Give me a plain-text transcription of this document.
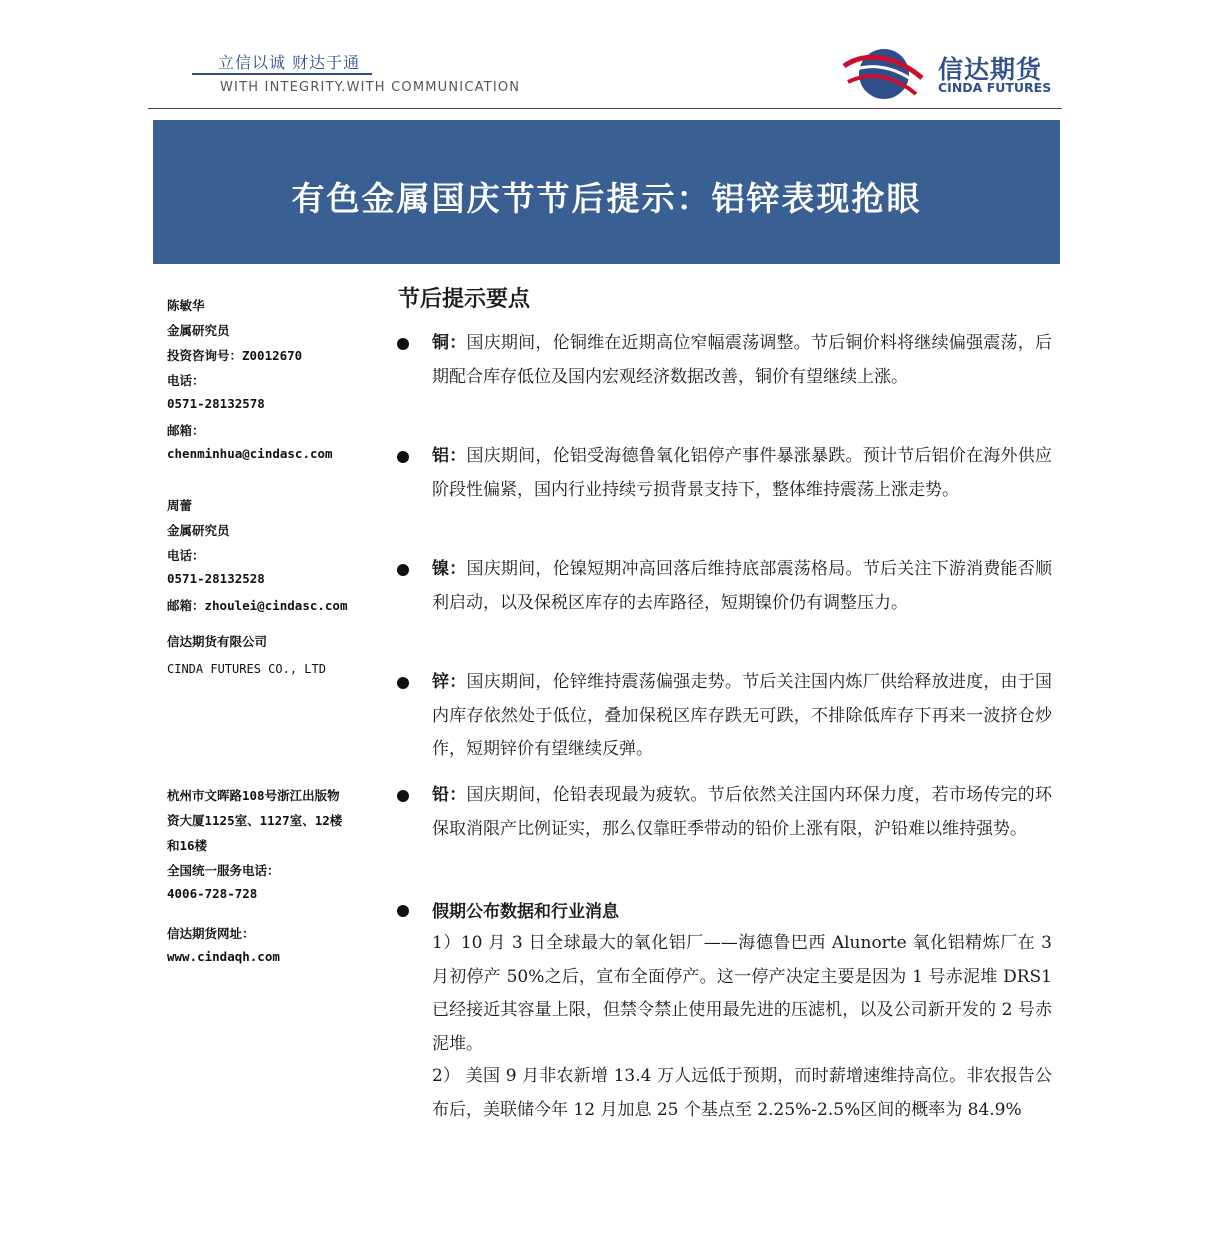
立信以诚 财达于通
WITH INTEGRITY.WITH COMMUNICATION
信达期货
CINDA FUTURES
有色金属国庆节节后提示：铝锌表现抢眼
陈敏华
金属研究员
投资咨询号：Z0012670
电话：
0571-28132578
邮箱：
chenminhua@cindasc.com
周蕾
金属研究员
电话：
0571-28132528
邮箱：zhoulei@cindasc.com
信达期货有限公司
CINDA FUTURES CO., LTD
杭州市文晖路108号浙江出版物
资大厦1125室、1127室、12楼
和16楼
全国统一服务电话：
4006-728-728
信达期货网址：
www.cindaqh.com
节后提示要点
铜：国庆期间，伦铜维在近期高位窄幅震荡调整。节后铜价料将继续偏强震荡，后期配合库存低位及国内宏观经济数据改善，铜价有望继续上涨。
铝：国庆期间，伦铝受海德鲁氧化铝停产事件暴涨暴跌。预计节后铝价在海外供应阶段性偏紧，国内行业持续亏损背景支持下，整体维持震荡上涨走势。
镍：国庆期间，伦镍短期冲高回落后维持底部震荡格局。节后关注下游消费能否顺利启动，以及保税区库存的去库路径，短期镍价仍有调整压力。
锌：国庆期间，伦锌维持震荡偏强走势。节后关注国内炼厂供给释放进度，由于国内库存依然处于低位，叠加保税区库存跌无可跌，不排除低库存下再来一波挤仓炒作，短期锌价有望继续反弹。
铅：国庆期间，伦铅表现最为疲软。节后依然关注国内环保力度，若市场传完的环保取消限产比例证实，那么仅靠旺季带动的铅价上涨有限，沪铅难以维持强势。
假期公布数据和行业消息
1）10 月 3 日全球最大的氧化铝厂——海德鲁巴西 Alunorte 氧化铝精炼厂在 3 月初停产 50%之后，宣布全面停产。这一停产决定主要是因为 1 号赤泥堆 DRS1 已经接近其容量上限，但禁令禁止使用最先进的压滤机，以及公司新开发的 2 号赤泥堆。
2） 美国 9 月非农新增 13.4 万人远低于预期，而时薪增速维持高位。非农报告公布后，美联储今年 12 月加息 25 个基点至 2.25%-2.5%区间的概率为 84.9%
